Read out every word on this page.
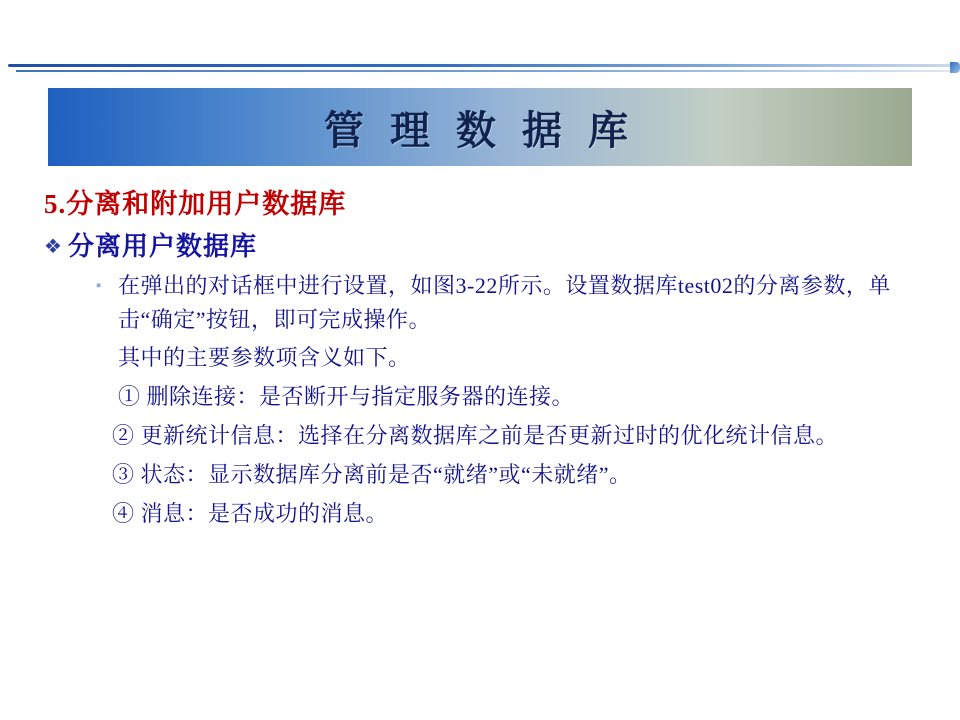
管 理 数 据 库
5.分离和附加用户数据库
❖ 分离用户数据库
▪ 在弹出的对话框中进行设置，如图3-22所示。设置数据库test02的分离参数，单击“确定”按钮，即可完成操作。
其中的主要参数项含义如下。
① 删除连接：是否断开与指定服务器的连接。
② 更新统计信息：选择在分离数据库之前是否更新过时的优化统计信息。
③ 状态：显示数据库分离前是否“就绪”或“未就绪”。
④ 消息：是否成功的消息。
